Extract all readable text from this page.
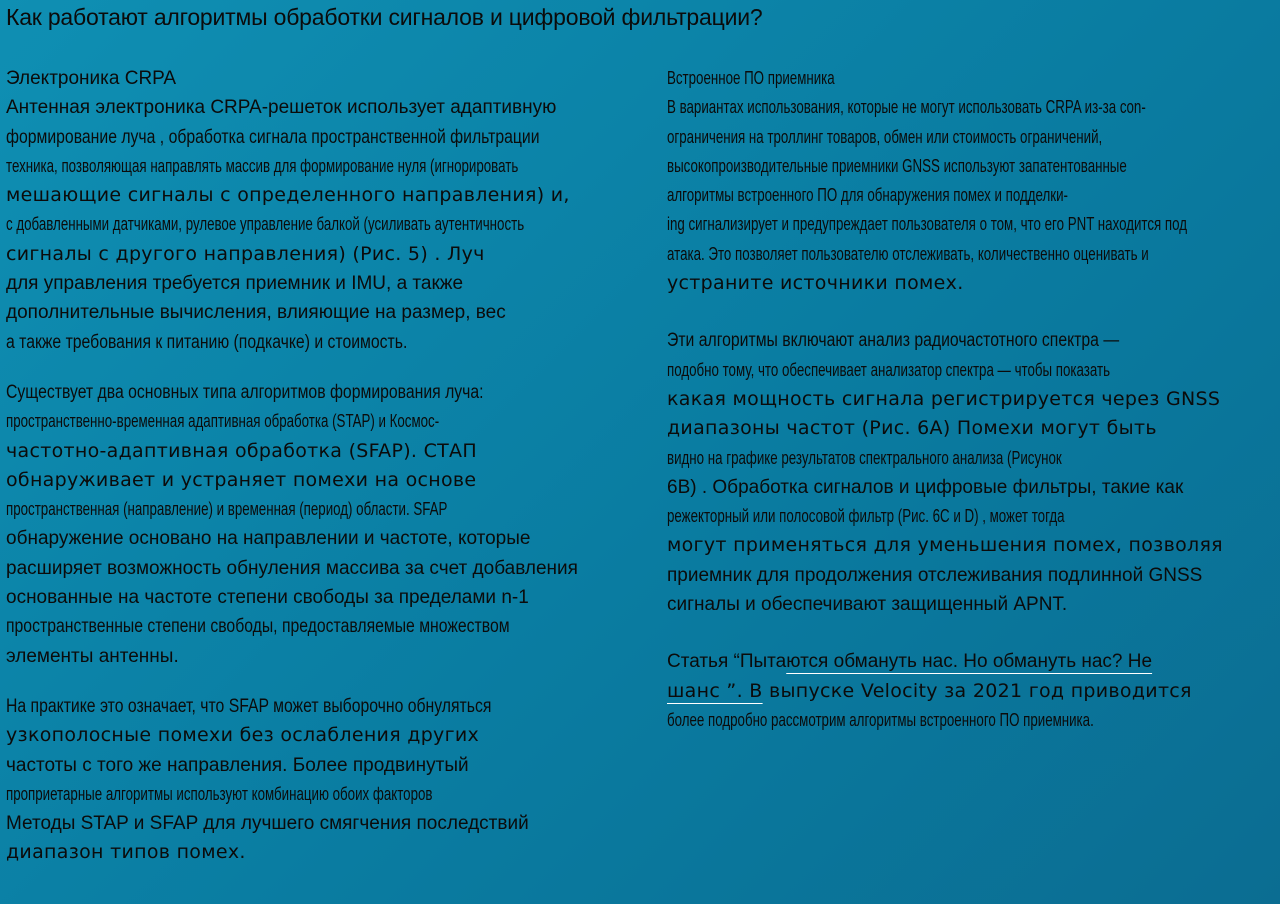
Как работают алгоритмы обработки сигналов и цифровой фильтрации?
Электроника CRPA
Антенная электроника CRPA-решеток использует адаптивную
формирование луча , обработка сигнала пространственной фильтрации
техника, позволяющая направлять массив для формирование нуля (игнорировать
мешающие сигналы с определенного направления) и,
с добавленными датчиками, рулевое управление балкой (усиливать аутентичность
сигналы с другого направления) (Рис. 5) . Луч
для управления требуется приемник и IMU, а также
дополнительные вычисления, влияющие на размер, вес
а также требования к питанию (подкачке) и стоимость.
Существует два основных типа алгоритмов формирования луча:
пространственно-временная адаптивная обработка (STAP) и Космос-
частотно-адаптивная обработка (SFAP). СТАП
обнаруживает и устраняет помехи на основе
пространственная (направление) и временная (период) области. SFAP
обнаружение основано на направлении и частоте, которые
расширяет возможность обнуления массива за счет добавления
основанные на частоте степени свободы за пределами n-1
пространственные степени свободы, предоставляемые множеством
элементы антенны.
На практике это означает, что SFAP может выборочно обнуляться
узкополосные помехи без ослабления других
частоты с того же направления. Более продвинутый
проприетарные алгоритмы используют комбинацию обоих факторов
Методы STAP и SFAP для лучшего смягчения последствий
диапазон типов помех.
Встроенное ПО приемника
В вариантах использования, которые не могут использовать CRPA из-за con-
ограничения на троллинг товаров, обмен или стоимость ограничений,
высокопроизводительные приемники GNSS используют запатентованные
алгоритмы встроенного ПО для обнаружения помех и подделки-
ing сигнализирует и предупреждает пользователя о том, что его PNT находится под
атака. Это позволяет пользователю отслеживать, количественно оценивать и
устраните источники помех.
Эти алгоритмы включают анализ радиочастотного спектра —
подобно тому, что обеспечивает анализатор спектра — чтобы показать
какая мощность сигнала регистрируется через GNSS
диапазоны частот (Рис. 6A) Помехи могут быть
видно на графике результатов спектрального анализа (Рисунок
6B) . Обработка сигналов и цифровые фильтры, такие как
режекторный или полосовой фильтр (Рис. 6C и D) , может тогда
могут применяться для уменьшения помех, позволяя
приемник для продолжения отслеживания подлинной GNSS
сигналы и обеспечивают защищенный APNT.
Статья “Пытаются обмануть нас. Но обмануть нас? Не
шанс ”. В выпуске Velocity за 2021 год приводится
более подробно рассмотрим алгоритмы встроенного ПО приемника.
